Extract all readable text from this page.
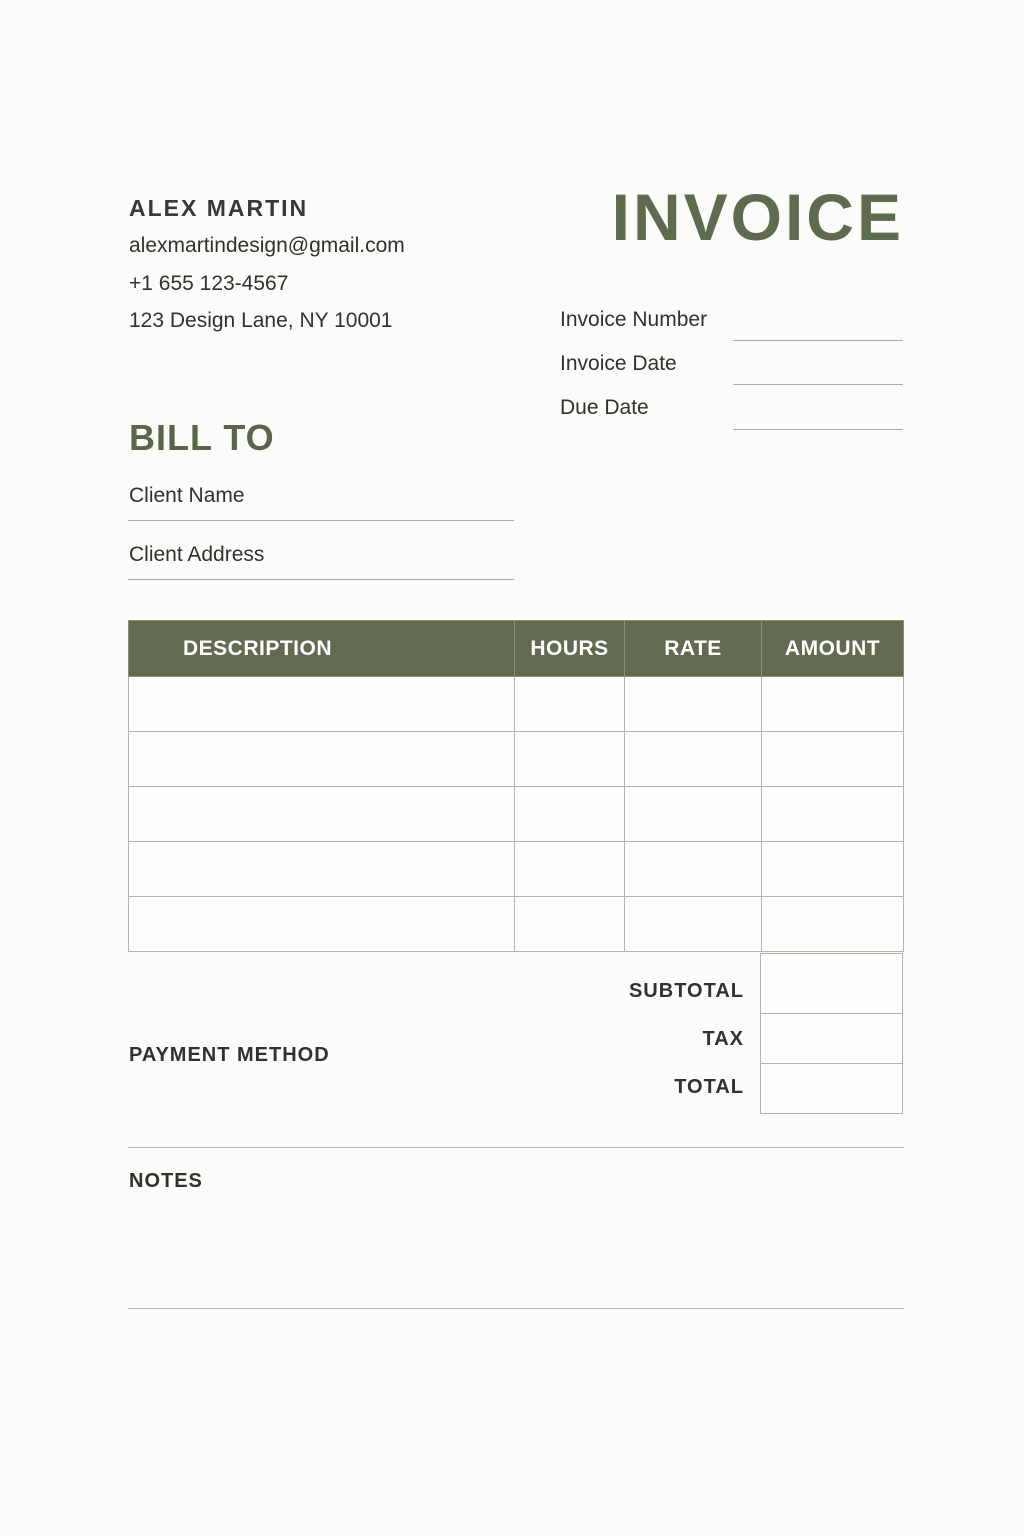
ALEX MARTIN
alexmartindesign@gmail.com
+1 655 123-4567
123 Design Lane, NY 10001
INVOICE
Invoice Number
Invoice Date
Due Date
BILL TO
Client Name
Client Address
DESCRIPTION	HOURS	RATE	AMOUNT

SUBTOTAL
TAX
TOTAL
PAYMENT METHOD
NOTES
